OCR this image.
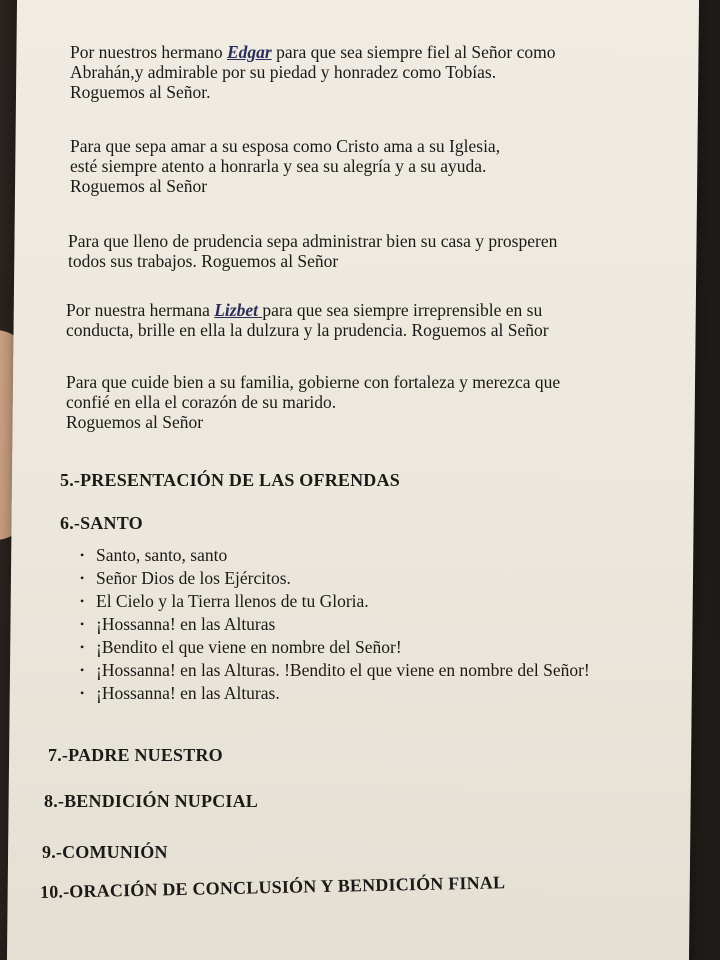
Por nuestros hermano Edgar para que sea siempre fiel al Señor como
Abrahán,y admirable por su piedad y honradez como Tobías.
Roguemos al Señor.
Para que sepa amar a su esposa como Cristo ama a su Iglesia,
esté siempre atento a honrarla y sea su alegría y a su ayuda.
Roguemos al Señor
Para que lleno de prudencia sepa administrar bien su casa y prosperen
todos sus trabajos. Roguemos al Señor
Por nuestra hermana Lizbet para que sea siempre irreprensible en su
conducta, brille en ella la dulzura y la prudencia. Roguemos al Señor
Para que cuide bien a su familia, gobierne con fortaleza y merezca que
confié en ella el corazón de su marido.
Roguemos al Señor
5.-PRESENTACIÓN DE LAS OFRENDAS
6.-SANTO
• Santo, santo, santo
• Señor Dios de los Ejércitos.
• El Cielo y la Tierra llenos de tu Gloria.
• ¡Hossanna! en las Alturas
• ¡Bendito el que viene en nombre del Señor!
• ¡Hossanna! en las Alturas. !Bendito el que viene en nombre del Señor!
• ¡Hossanna! en las Alturas.
7.-PADRE NUESTRO
8.-BENDICIÓN NUPCIAL
9.-COMUNIÓN
10.-ORACIÓN DE CONCLUSIÓN Y BENDICIÓN FINAL
